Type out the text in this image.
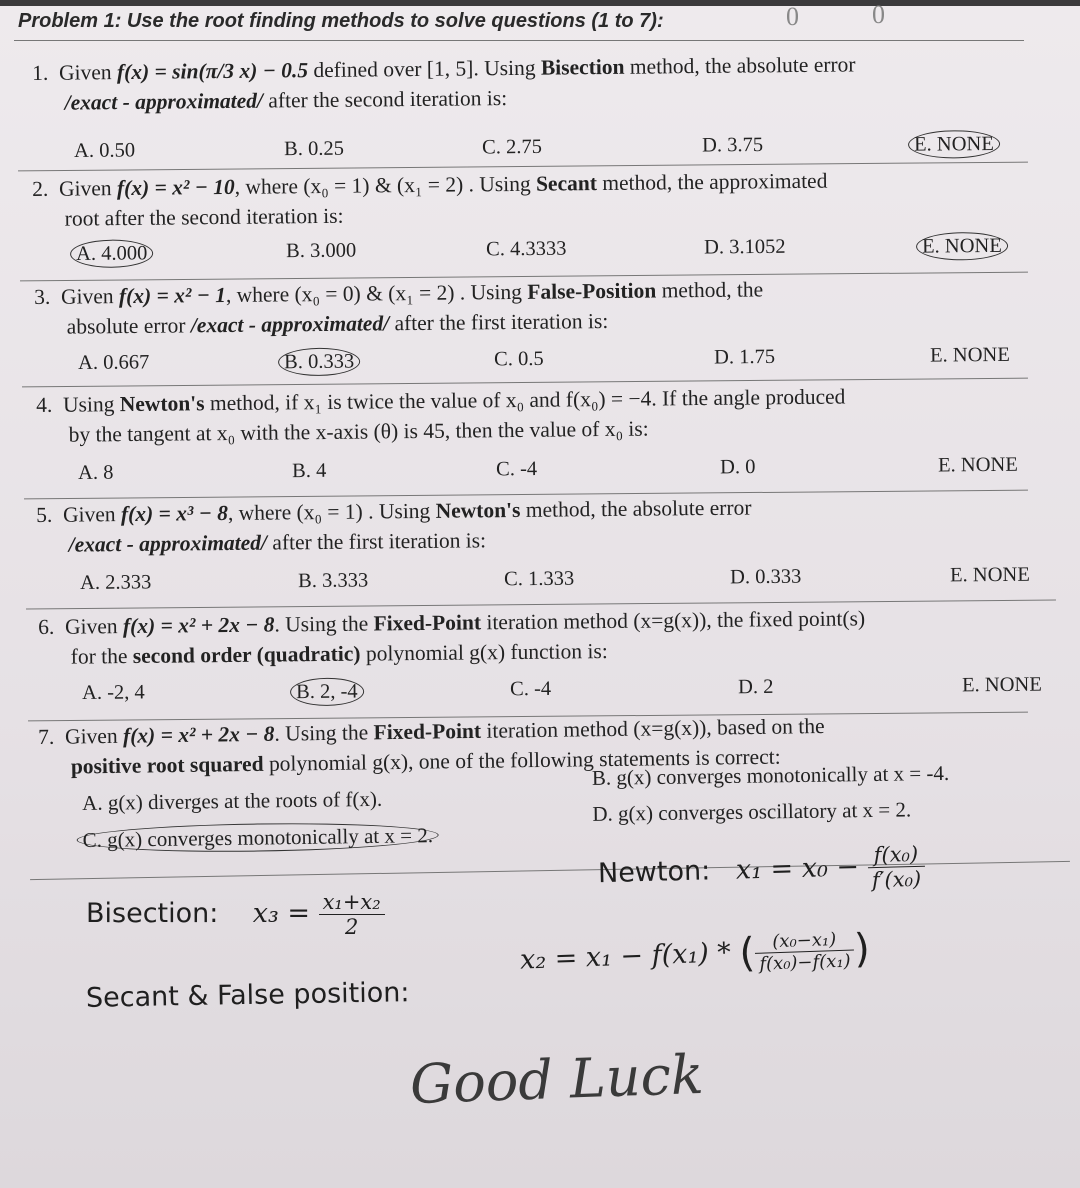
Problem 1: Use the root finding methods to solve questions (1 to 7):	0	0
1. Given f(x) = sin(π/3 x) − 0.5 defined over [1, 5]. Using Bisection method, the absolute error
/exact - approximated/ after the second iteration is:
A. 0.50	B. 0.25	C. 2.75	D. 3.75	E. NONE
2. Given f(x) = x² − 10, where (x₀ = 1) & (x₁ = 2) . Using Secant method, the approximated
root after the second iteration is:
A. 4.000	B. 3.000	C. 4.3333	D. 3.1052	E. NONE
3. Given f(x) = x² − 1, where (x₀ = 0) & (x₁ = 2) . Using False-Position method, the
absolute error /exact - approximated/ after the first iteration is:
A. 0.667	B. 0.333	C. 0.5	D. 1.75	E. NONE
4. Using Newton's method, if x₁ is twice the value of x₀ and f(x₀) = −4. If the angle produced
by the tangent at x₀ with the x-axis (θ) is 45, then the value of x₀ is:
A. 8	B. 4	C. -4	D. 0	E. NONE
5. Given f(x) = x³ − 8, where (x₀ = 1) . Using Newton's method, the absolute error
/exact - approximated/ after the first iteration is:
A. 2.333	B. 3.333	C. 1.333	D. 0.333	E. NONE
6. Given f(x) = x² + 2x − 8. Using the Fixed-Point iteration method (x=g(x)), the fixed point(s)
for the second order (quadratic) polynomial g(x) function is:
A. -2, 4	B. 2, -4	C. -4	D. 2	E. NONE
7. Given f(x) = x² + 2x − 8. Using the Fixed-Point iteration method (x=g(x)), based on the
positive root squared polynomial g(x), one of the following statements is correct:
A. g(x) diverges at the roots of f(x).
B. g(x) converges monotonically at x = -4.
C. g(x) converges monotonically at x = 2.
D. g(x) converges oscillatory at x = 2.
Bisection: $x_3 = \frac{\text{x₁+x₂}}{2}$
Newton: $x_1 = x_0 - \frac{\text{f(x₀)}}{\text{f′(x₀)}}$
Secant & False position:
x₂ = x₁ − f(x₁) * (
$\frac{\text{(x₀−x₁)}}{\text{f(x₀)−f(x₁)}}$
)
Good Luck
